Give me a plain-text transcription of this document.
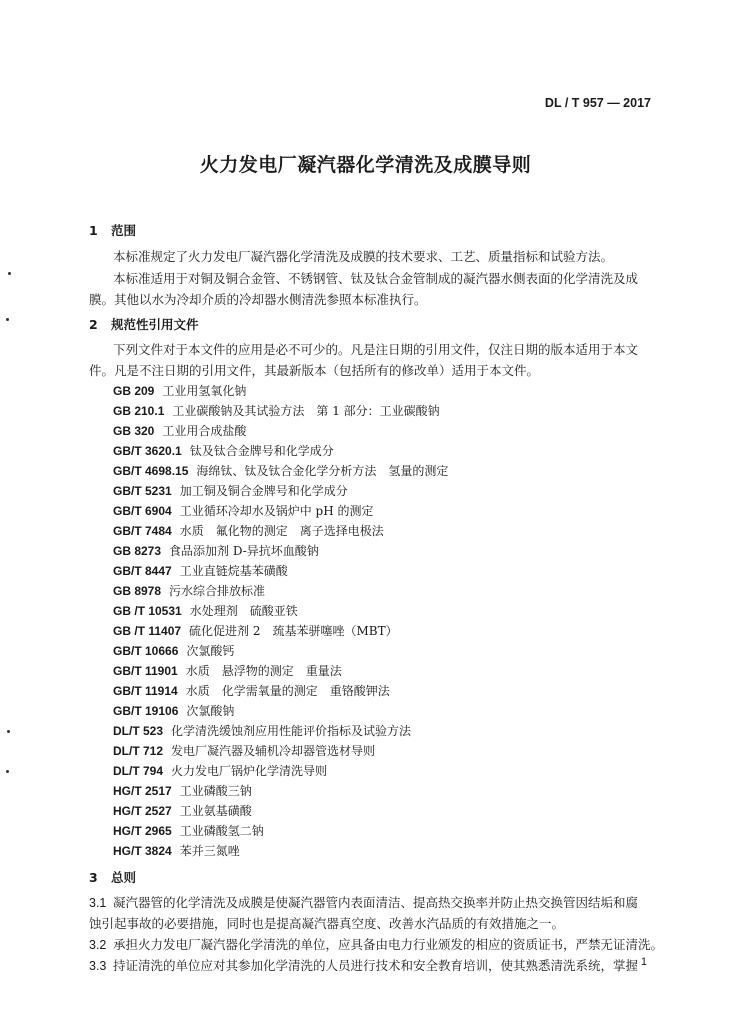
DL / T 957 — 2017
火力发电厂凝汽器化学清洗及成膜导则
1 范围
本标准规定了火力发电厂凝汽器化学清洗及成膜的技术要求、工艺、质量指标和试验方法。
本标准适用于对铜及铜合金管、不锈钢管、钛及钛合金管制成的凝汽器水侧表面的化学清洗及成
膜。其他以水为冷却介质的冷却器水侧清洗参照本标准执行。
2 规范性引用文件
下列文件对于本文件的应用是必不可少的。凡是注日期的引用文件，仅注日期的版本适用于本文
件。凡是不注日期的引用文件，其最新版本（包括所有的修改单）适用于本文件。
GB 209 工业用氢氧化钠
GB 210.1 工业碳酸钠及其试验方法　第 1 部分：工业碳酸钠
GB 320 工业用合成盐酸
GB/T 3620.1 钛及钛合金牌号和化学成分
GB/T 4698.15 海绵钛、钛及钛合金化学分析方法　氢量的测定
GB/T 5231 加工铜及铜合金牌号和化学成分
GB/T 6904 工业循环冷却水及锅炉中 pH 的测定
GB/T 7484 水质　氟化物的测定　离子选择电极法
GB 8273 食品添加剂 D-异抗坏血酸钠
GB/T 8447 工业直链烷基苯磺酸
GB 8978 污水综合排放标准
GB /T 10531 水处理剂　硫酸亚铁
GB /T 11407 硫化促进剂 2　巯基苯骈噻唑（MBT）
GB/T 10666 次氯酸钙
GB/T 11901 水质　悬浮物的测定　重量法
GB/T 11914 水质　化学需氧量的测定　重铬酸钾法
GB/T 19106 次氯酸钠
DL/T 523 化学清洗缓蚀剂应用性能评价指标及试验方法
DL/T 712 发电厂凝汽器及辅机冷却器管选材导则
DL/T 794 火力发电厂锅炉化学清洗导则
HG/T 2517 工业磷酸三钠
HG/T 2527 工业氨基磺酸
HG/T 2965 工业磷酸氢二钠
HG/T 3824 苯并三氮唑
3 总则
3.1 凝汽器管的化学清洗及成膜是使凝汽器管内表面清洁、提高热交换率并防止热交换管因结垢和腐
蚀引起事故的必要措施，同时也是提高凝汽器真空度、改善水汽品质的有效措施之一。
3.2 承担火力发电厂凝汽器化学清洗的单位，应具备由电力行业颁发的相应的资质证书，严禁无证清洗。
3.3 持证清洗的单位应对其参加化学清洗的人员进行技术和安全教育培训，使其熟悉清洗系统，掌握 1
